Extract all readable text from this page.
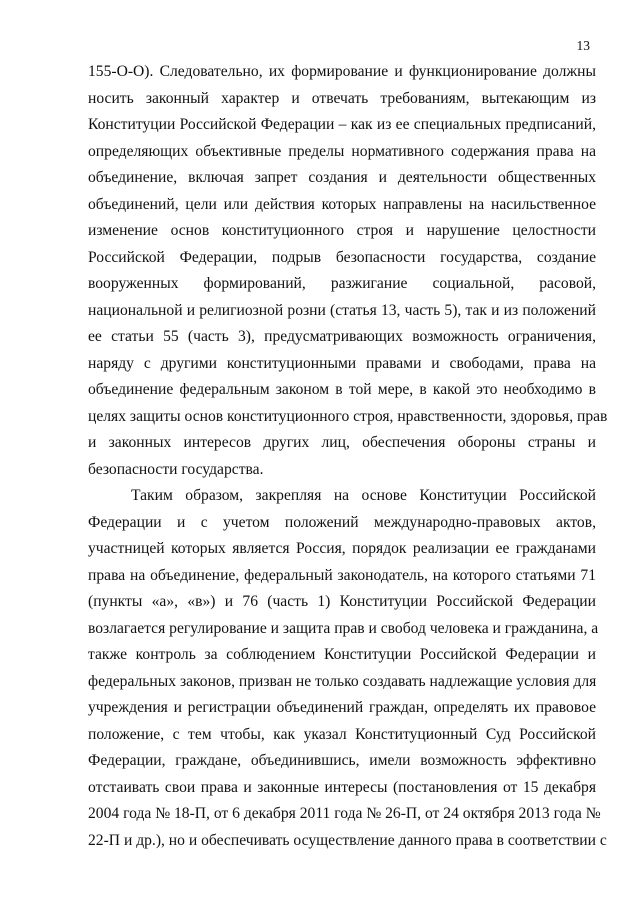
13
155-О-О). Следовательно, их формирование и функционирование должны
носить законный характер и отвечать требованиям, вытекающим из
Конституции Российской Федерации – как из ее специальных предписаний,
определяющих объективные пределы нормативного содержания права на
объединение, включая запрет создания и деятельности общественных
объединений, цели или действия которых направлены на насильственное
изменение основ конституционного строя и нарушение целостности
Российской Федерации, подрыв безопасности государства, создание
вооруженных формирований, разжигание социальной, расовой,
национальной и религиозной розни (статья 13, часть 5), так и из положений
ее статьи 55 (часть 3), предусматривающих возможность ограничения,
наряду с другими конституционными правами и свободами, права на
объединение федеральным законом в той мере, в какой это необходимо в
целях защиты основ конституционного строя, нравственности, здоровья, прав
и законных интересов других лиц, обеспечения обороны страны и
безопасности государства.
Таким образом, закрепляя на основе Конституции Российской
Федерации и с учетом положений международно-правовых актов,
участницей которых является Россия, порядок реализации ее гражданами
права на объединение, федеральный законодатель, на которого статьями 71
(пункты «а», «в») и 76 (часть 1) Конституции Российской Федерации
возлагается регулирование и защита прав и свобод человека и гражданина, а
также контроль за соблюдением Конституции Российской Федерации и
федеральных законов, призван не только создавать надлежащие условия для
учреждения и регистрации объединений граждан, определять их правовое
положение, с тем чтобы, как указал Конституционный Суд Российской
Федерации, граждане, объединившись, имели возможность эффективно
отстаивать свои права и законные интересы (постановления от 15 декабря
2004 года № 18-П, от 6 декабря 2011 года № 26-П, от 24 октября 2013 года №
22-П и др.), но и обеспечивать осуществление данного права в соответствии с
